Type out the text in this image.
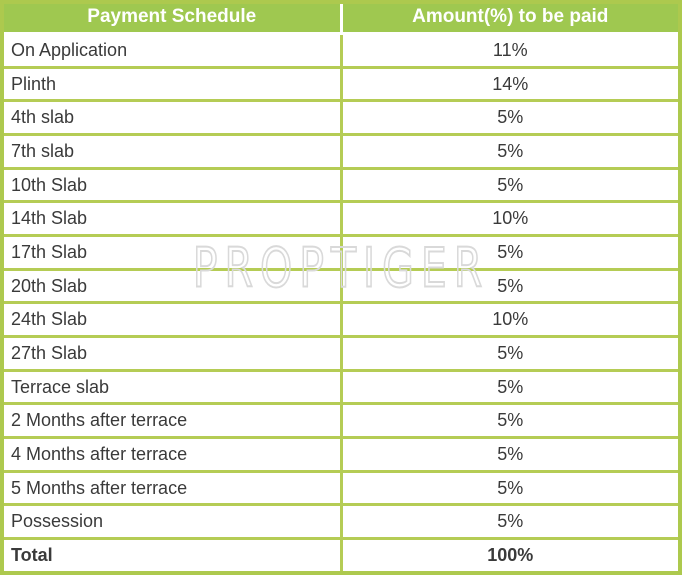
Payment Schedule	Amount(%) to be paid
On Application	11%
Plinth	14%
4th slab	5%
7th slab	5%
10th Slab	5%
14th Slab	10%
17th Slab	5%
20th Slab	5%
24th Slab	10%
27th Slab	5%
Terrace slab	5%
2 Months after terrace	5%
4 Months after terrace	5%
5 Months after terrace	5%
Possession	5%
Total	100%
